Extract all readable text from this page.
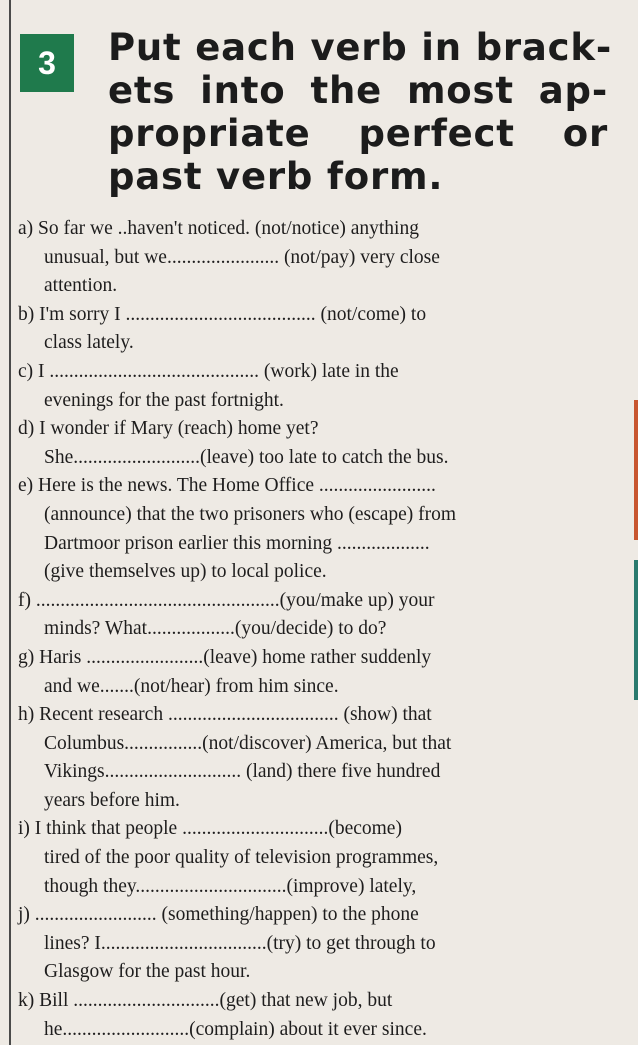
3	Put each verb in brack-
ets into the most ap-
propriate perfect or
past verb form.
a) So far we ..haven't noticed. (not/notice) anything
unusual, but we....................... (not/pay) very close
attention.
b) I'm sorry I ....................................... (not/come) to
class lately.
c) I ........................................... (work) late in the
evenings for the past fortnight.
d) I wonder if Mary (reach) home yet?
She..........................(leave) too late to catch the bus.
e) Here is the news. The Home Office ........................
(announce) that the two prisoners who (escape) from
Dartmoor prison earlier this morning ...................
(give themselves up) to local police.
f) ..................................................(you/make up) your
minds? What..................(you/decide) to do?
g) Haris ........................(leave) home rather suddenly
and we.......(not/hear) from him since.
h) Recent research ................................... (show) that
Columbus................(not/discover) America, but that
Vikings............................ (land) there five hundred
years before him.
i) I think that people ..............................(become)
tired of the poor quality of television programmes,
though they...............................(improve) lately,
j) ......................... (something/happen) to the phone
lines? I..................................(try) to get through to
Glasgow for the past hour.
k) Bill ..............................(get) that new job, but
he..........................(complain) about it ever since.
